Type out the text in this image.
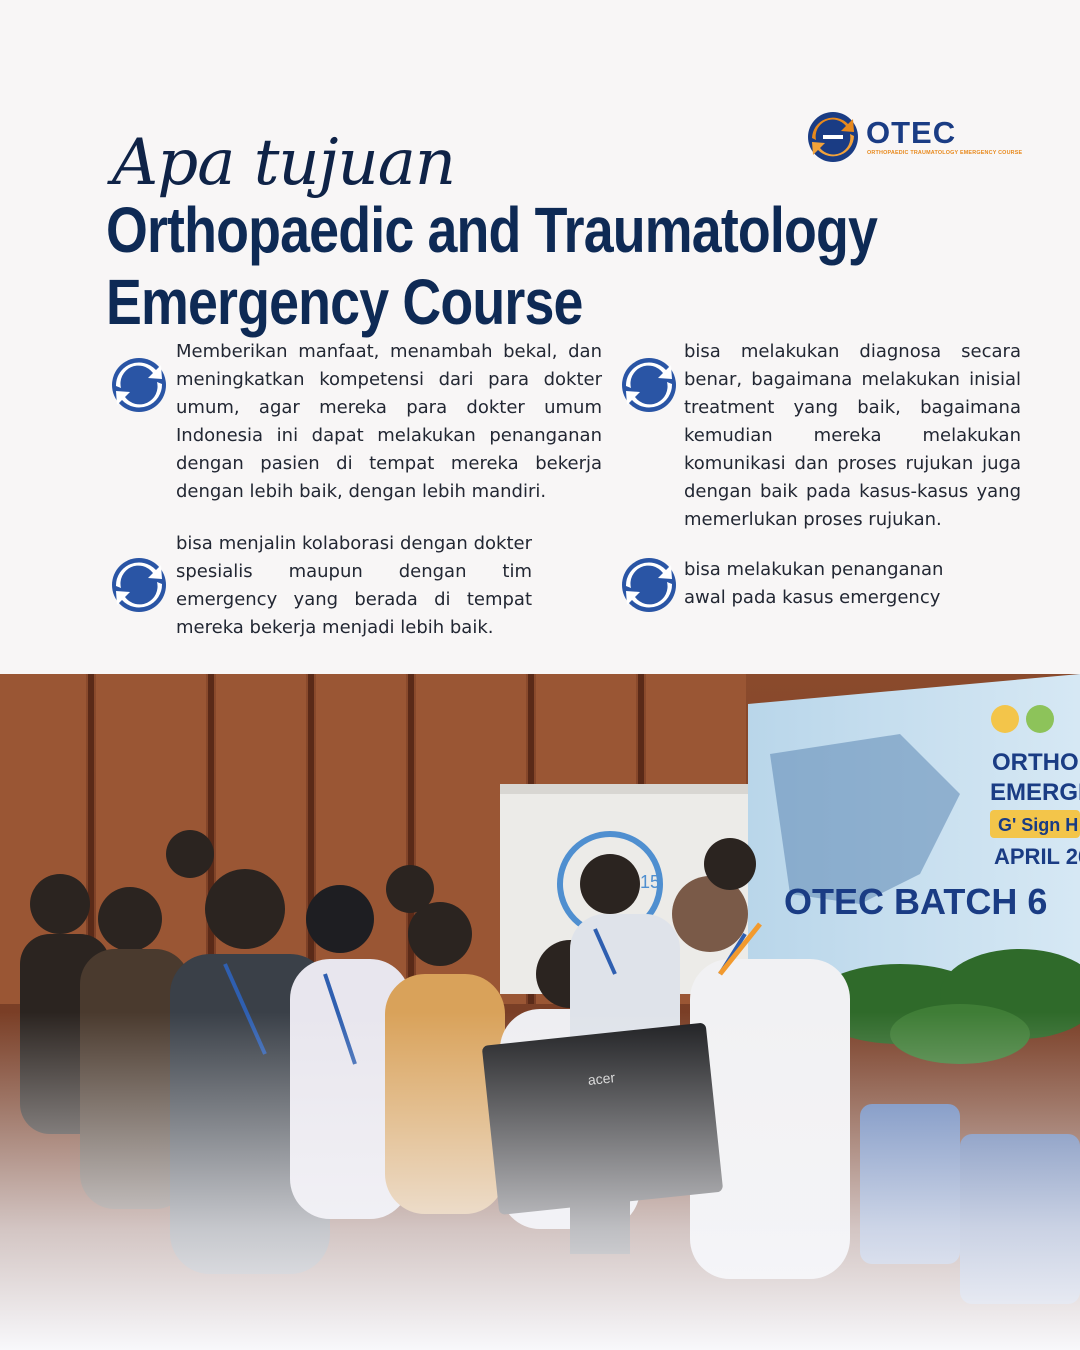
OTEC
ORTHOPAEDIC TRAUMATOLOGY EMERGENCY COURSE
Apa tujuan
Orthopaedic and Traumatology
Emergency Course

Memberikan manfaat, menambah bekal, dan meningkatkan kompetensi dari para dokter umum, agar mereka para dokter umum Indonesia ini dapat melakukan penanganan dengan pasien di tempat mereka bekerja dengan lebih baik, dengan lebih mandiri.

bisa melakukan diagnosa secara benar, bagaimana melakukan inisial treatment yang baik, bagaimana kemudian mereka melakukan komunikasi dan proses rujukan juga dengan baik pada kasus-kasus yang memerlukan proses rujukan.

bisa menjalin kolaborasi dengan dokter spesialis maupun dengan tim emergency yang berada di tempat mereka bekerja menjadi lebih baik.

bisa melakukan penanganan awal pada kasus emergency
